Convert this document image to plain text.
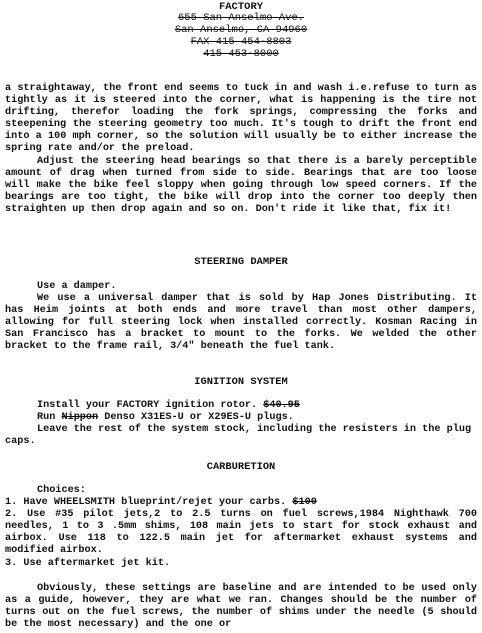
FACTORY
655 San Anselmo Ave.
San Anselmo, CA 94960
FAX 415 454-8803
415 453-8000

a straightaway, the front end seems to tuck in and wash i.e.refuse to turn as tightly as it is steered into the corner, what is happening is the tire not drifting, therefor loading the fork springs, compressing the forks and steepening the steering geometry too much. It's tough to drift the front end into a 100 mph corner, so the solution will usually be to either increase the spring rate and/or the preload.

Adjust the steering head bearings so that there is a barely perceptible amount of drag when turned from side to side. Bearings that are too loose will make the bike feel sloppy when going through low speed corners. If the bearings are too tight, the bike will drop into the corner too deeply then straighten up then drop again and so on. Don't ride it like that, fix it!

STEERING DAMPER

Use a damper.

We use a universal damper that is sold by Hap Jones Distributing. It has Heim joints at both ends and more travel than most other dampers, allowing for full steering lock when installed correctly. Kosman Racing in San Francisco has a bracket to mount to the forks. We welded the other bracket to the frame rail, 3/4" beneath the fuel tank.

IGNITION SYSTEM

Install your FACTORY ignition rotor. $40.95

Run Nippon Denso X31ES-U or X29ES-U plugs.

Leave the rest of the system stock, including the resisters in the plug caps.

CARBURETION

Choices:

1. Have WHEELSMITH blueprint/rejet your carbs. $100

2. Use #35 pilot jets,2 to 2.5 turns on fuel screws,1984 Nighthawk 700 needles, 1 to 3 .5mm shims, 108 main jets to start for stock exhaust and airbox. Use 118 to 122.5 main jet for aftermarket exhaust systems and modified airbox.

3. Use aftermarket jet kit.

Obviously, these settings are baseline and are intended to be used only as a guide, however, they are what we ran. Changes should be the number of turns out on the fuel screws, the number of shims under the needle (5 should be the most necessary) and the one or
